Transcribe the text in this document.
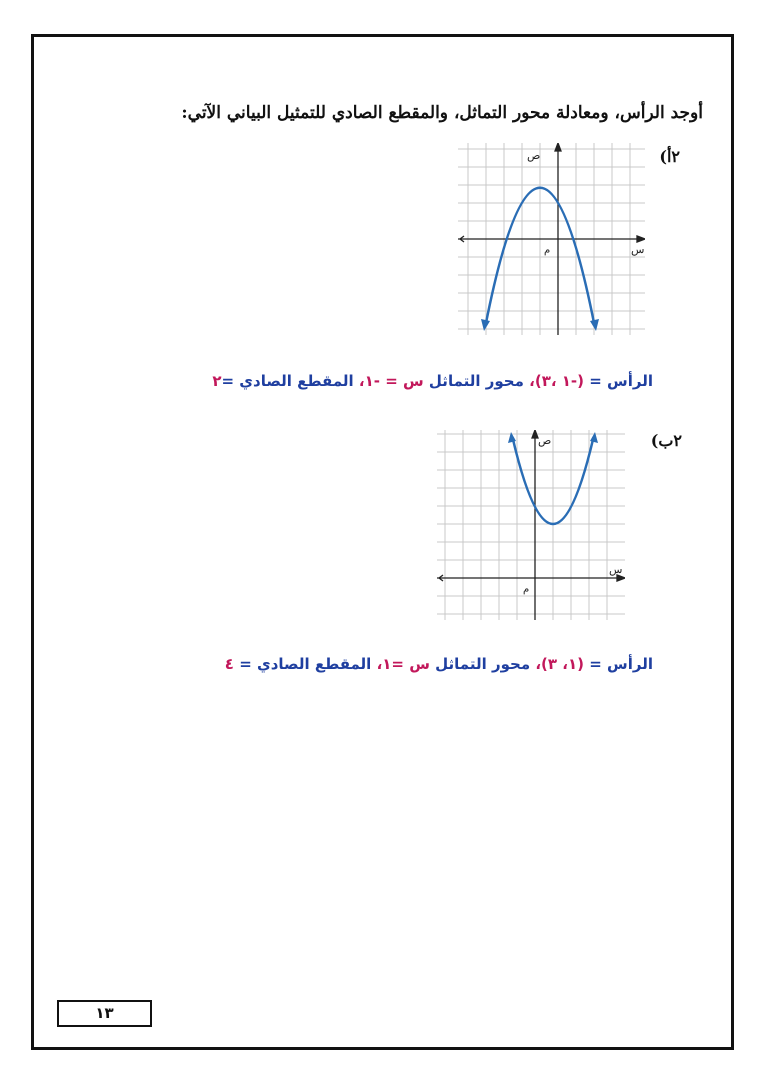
أوجد الرأس، ومعادلة محور التماثل، والمقطع الصادي للتمثيل البياني الآتي:
٢أ)
س
ص
م
الرأس = (-١ ،٣)، محور التماثل س = -١، المقطع الصادي =٢
٢ب)
س
ص
م
الرأس = (١، ٣)، محور التماثل س =١، المقطع الصادي = ٤
١٣
